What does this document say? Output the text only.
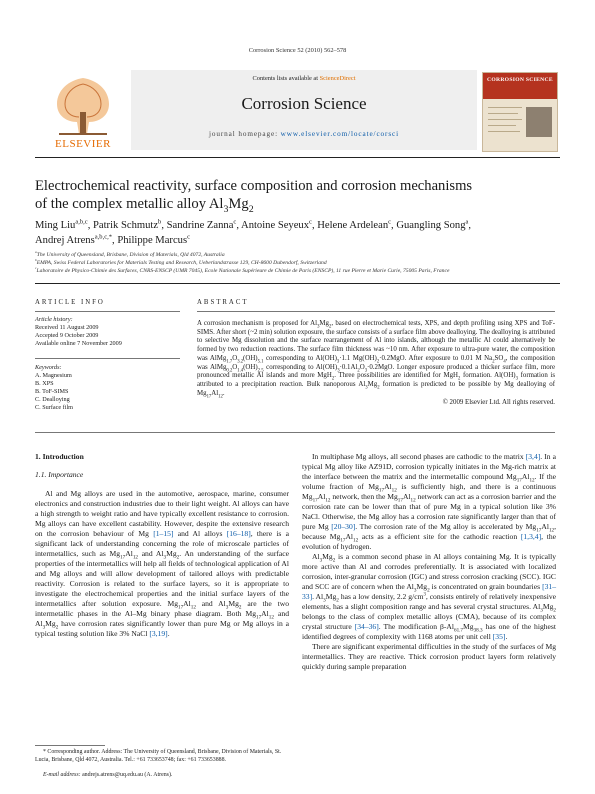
Corrosion Science 52 (2010) 562–578
ELSEVIER
Contents lists available at ScienceDirect
Corrosion Science
journal homepage: www.elsevier.com/locate/corsci
CORROSION SCIENCE
Electrochemical reactivity, surface composition and corrosion mechanisms
of the complex metallic alloy $Al_3Mg_2$
Ming Liu$^{a,b,c}$, Patrik Schmutz$^b$, Sandrine Zanna$^c$, Antoine Seyeux$^c$, Helene Ardelean$^c$, Guangling Song$^a$,
Andrej Atrens$^{a,b,c,*}$, Philippe Marcus$^c$
$^a$The University of Queensland, Brisbane, Division of Materials, Qld 4072, Australia
$^b$EMPA, Swiss Federal Laboratories for Materials Testing and Research, Ueberlandstrasse 129, CH-8600 Dubendorf, Switzerland
$^c$Laboratoire de Physico-Chimie des Surfaces, CNRS-ENSCP (UMR 7045), Ecole Nationale Supérieure de Chimie de Paris (ENSCP), 11 rue Pierre et Marie Curie, 75005 Paris, France
ARTICLE INFO
Article history:
Received 11 August 2009
Accepted 9 October 2009
Available online 7 November 2009
Keywords:
A. Magnesium
B. XPS
B. ToF-SIMS
C. Dealloying
C. Surface film
ABSTRACT
A corrosion mechanism is proposed for $Al_3Mg_2$, based on electrochemical tests, XPS, and depth profiling using XPS and ToF-SIMS. After short (~2 min) solution exposure, the surface consists of a surface film above dealloying. The dealloying is attributed to selective Mg dissolution and the surface rearrangement of Al into islands, although the metallic Al could alternatively be formed by two reduction reactions. The surface film thickness was ~10 nm. After exposure to ultra-pure water, the composition was $AlMg_{1.7}O_{3.2}(OH)_{5.1}$ corresponding to $Al(OH)_3\cdot 1.1$ $Mg(OH)_2\cdot 0.2MgO$. After exposure to 0.01 M $Na_2SO_4$, the composition was $AlMg_{0.2}O_{1.4}(OH)_{2.5}$ corresponding to $Al(OH)_3\cdot 0.1Al_2O_3\cdot 0.2MgO$. Longer exposure produced a thicker surface film, more pronounced metallic Al islands and more MgH$_2$. Three possibilities are identified for MgH$_2$ formation. $Al(OH)_3$ formation is attributed to a precipitation reaction. Bulk nanoporous $Al_3Mg_2$ formation is predicted to be possible by Mg dealloying of $Mg_{17}Al_{12}$.
© 2009 Elsevier Ltd. All rights reserved.
1. Introduction
1.1. Importance

Al and Mg alloys are used in the automotive, aerospace, marine, consumer electronics and construction industries due to their light weight. Al alloys can have a high strength to weight ratio and have typically excellent resistance to corrosion. Mg alloys can have excellent castability. However, despite the extensive research on the corrosion behaviour of Mg [1–15] and Al alloys [16–18], there is a significant lack of understanding concerning the role of microscale particles of intermetallics, such as $Mg_{17}Al_{12}$ and $Al_3Mg_2$. An understanding of the surface properties of the intermetallics will help all fields of technological application of Al and Mg alloys and will allow development of tailored alloys with predictable reactivity. Corrosion is related to the surface layers, so it is appropriate to investigate the electrochemical properties and the initial surface layers of the intermetallics after solution exposure. $Mg_{17}Al_{12}$ and $Al_3Mg_2$ are the two intermetallic phases in the Al–Mg binary phase diagram. Both $Mg_{17}Al_{12}$ and $Al_3Mg_2$ have corrosion rates significantly lower than pure Mg or Mg alloys in a typical testing solution like 3% NaCl [3,19].

In multiphase Mg alloys, all second phases are cathodic to the matrix [3,4]. In a typical Mg alloy like AZ91D, corrosion typically initiates in the Mg-rich matrix at the interface between the matrix and the intermetallic compound $Mg_{17}Al_{12}$. If the volume fraction of $Mg_{17}Al_{12}$ is sufficiently high, and there is a continuous $Mg_{17}Al_{12}$ network, then the $Mg_{17}Al_{12}$ network can act as a corrosion barrier and the corrosion rate can be lower than that of pure Mg in a typical solution like 3% NaCl. Otherwise, the Mg alloy has a corrosion rate significantly larger than that of pure Mg [20–30]. The corrosion rate of the Mg alloy is accelerated by $Mg_{17}Al_{12}$, because $Mg_{17}Al_{12}$ acts as a efficient site for the cathodic reaction [1,3,4], the evolution of hydrogen.

$Al_3Mg_2$ is a common second phase in Al alloys containing Mg. It is typically more active than Al and corrodes preferentially. It is associated with localized corrosion, inter-granular corrosion (IGC) and stress corrosion cracking (SCC). IGC and SCC are of concern when the $Al_3Mg_2$ is concentrated on grain boundaries [31–33]. $Al_3Mg_2$ has a low density, 2.2 $g/cm^3$, consists entirely of relatively inexpensive elements, has a slight composition range and has several crystal structures. $Al_3Mg_2$ belongs to the class of complex metallic alloys (CMA), because of its complex crystal structure [34–36]. The modification $\beta-Al_{61.7}Mg_{38.3}$ has one of the highest identified degrees of complexity with 1168 atoms per unit cell [35].

There are significant experimental difficulties in the study of the surfaces of Mg intermetallics. They are reactive. Thick corrosion product layers form relatively quickly during sample preparation

* Corresponding author. Address: The University of Queensland, Brisbane, Division of Materials, St. Lucia, Brisbane, Qld 4072, Australia. Tel.: +61 733653748; fax: +61 733653888.
E-mail address: andrejs.atrens@uq.edu.au (A. Atrens).
